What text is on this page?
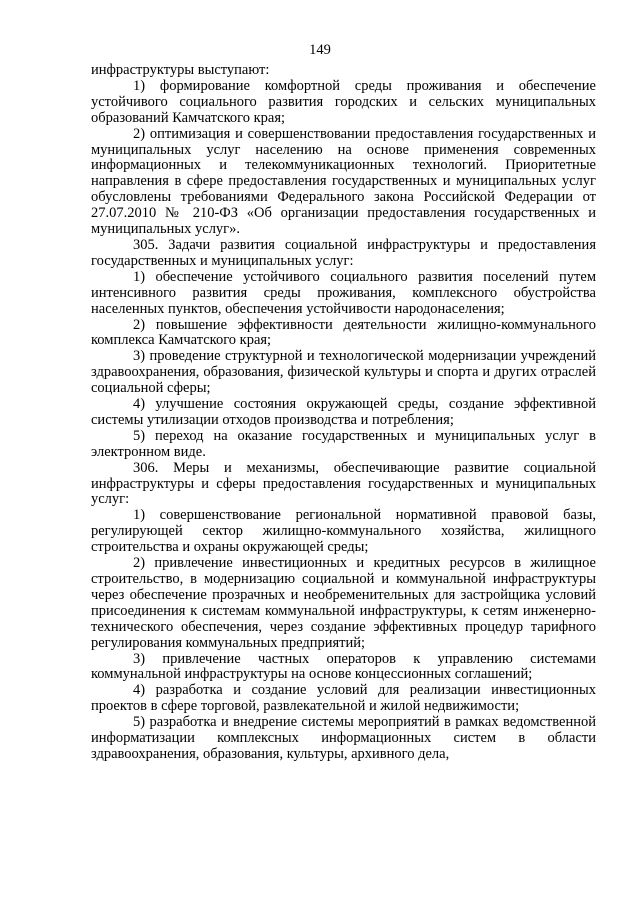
149

инфраструктуры выступают:

1) формирование комфортной среды проживания и обеспечение устойчивого социального развития городских и сельских муниципальных образований Камчатского края;

2) оптимизация и совершенствовании предоставления государственных и муниципальных услуг населению на основе применения современных информационных и телекоммуникационных технологий. Приоритетные направления в сфере предоставления государственных и муниципальных услуг обусловлены требованиями Федерального закона Российской Федерации от 27.07.2010 № 210-ФЗ «Об организации предоставления государственных и муниципальных услуг».

305. Задачи развития социальной инфраструктуры и предоставления государственных и муниципальных услуг:

1) обеспечение устойчивого социального развития поселений путем интенсивного развития среды проживания, комплексного обустройства населенных пунктов, обеспечения устойчивости народонаселения;

2) повышение эффективности деятельности жилищно-коммунального комплекса Камчатского края;

3) проведение структурной и технологической модернизации учреждений здравоохранения, образования, физической культуры и спорта и других отраслей социальной сферы;

4) улучшение состояния окружающей среды, создание эффективной системы утилизации отходов производства и потребления;

5) переход на оказание государственных и муниципальных услуг в электронном виде.

306. Меры и механизмы, обеспечивающие развитие социальной инфраструктуры и сферы предоставления государственных и муниципальных услуг:

1) совершенствование региональной нормативной правовой базы, регулирующей сектор жилищно-коммунального хозяйства, жилищного строительства и охраны окружающей среды;

2) привлечение инвестиционных и кредитных ресурсов в жилищное строительство, в модернизацию социальной и коммунальной инфраструктуры через обеспечение прозрачных и необременительных для застройщика условий присоединения к системам коммунальной инфраструктуры, к сетям инженерно-технического обеспечения, через создание эффективных процедур тарифного регулирования коммунальных предприятий;

3) привлечение частных операторов к управлению системами коммунальной инфраструктуры на основе концессионных соглашений;

4) разработка и создание условий для реализации инвестиционных проектов в сфере торговой, развлекательной и жилой недвижимости;

5) разработка и внедрение системы мероприятий в рамках ведомственной информатизации комплексных информационных систем в области здравоохранения, образования, культуры, архивного дела,
